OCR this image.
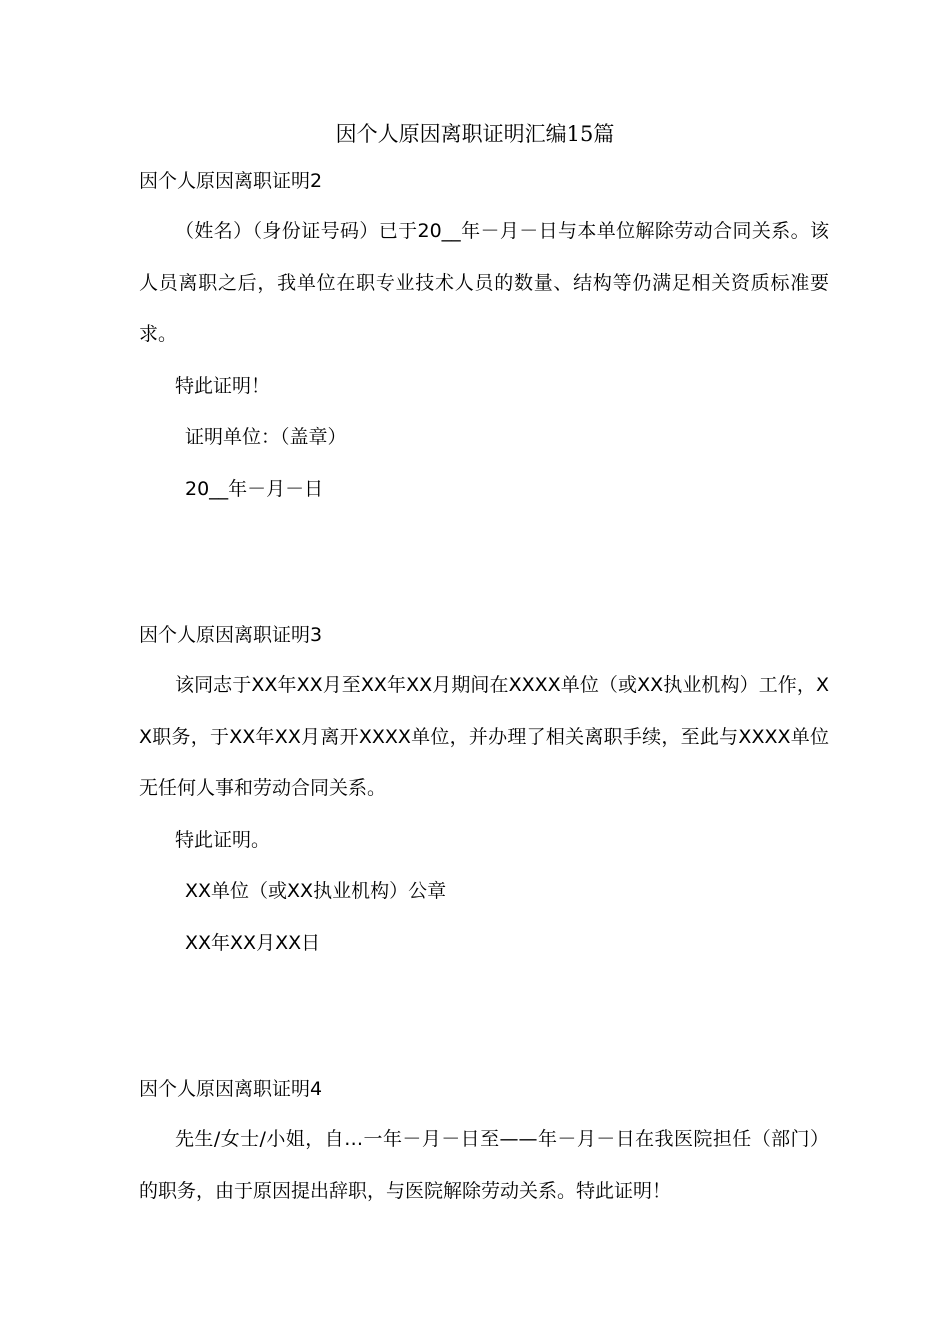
因个人原因离职证明汇编15篇

因个人原因离职证明2

（姓名）（身份证号码）已于20__年－月－日与本单位解除劳动合同关系。该人员离职之后，我单位在职专业技术人员的数量、结构等仍满足相关资质标准要求。

特此证明！

证明单位：（盖章）

20__年－月－日

因个人原因离职证明3

该同志于XX年XX月至XX年XX月期间在XXXX单位（或XX执业机构）工作，XX职务，于XX年XX月离开XXXX单位，并办理了相关离职手续，至此与XXXX单位无任何人事和劳动合同关系。

特此证明。

XX单位（或XX执业机构）公章

XX年XX月XX日

因个人原因离职证明4

先生/女士/小姐，自…一年－月－日至——年－月－日在我医院担任（部门）的职务，由于原因提出辞职，与医院解除劳动关系。特此证明！
